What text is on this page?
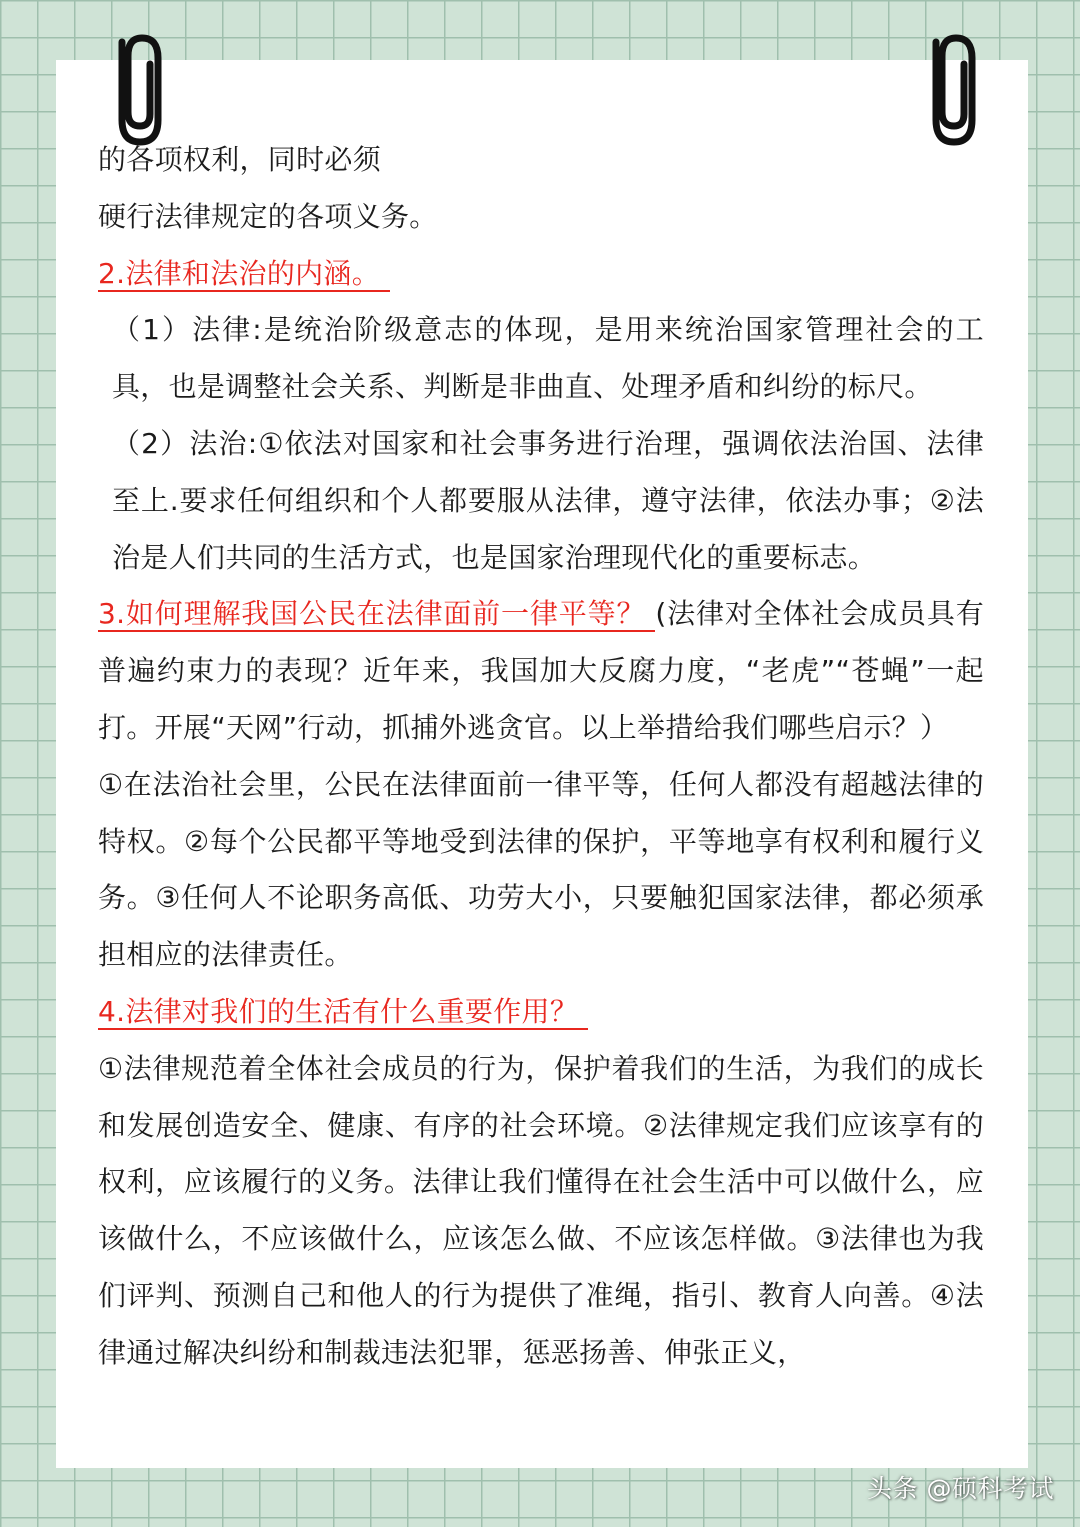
的各项权利，同时必须

硬行法律规定的各项义务。

2.法律和法治的内涵。

（1）法律:是统治阶级意志的体现，是用来统治国家管理社会的工具，也是调整社会关系、判断是非曲直、处理矛盾和纠纷的标尺。

（2）法治:①依法对国家和社会事务进行治理，强调依法治国、法律至上.要求任何组织和个人都要服从法律，遵守法律，依法办事；②法治是人们共同的生活方式，也是国家治理现代化的重要标志。

3.如何理解我国公民在法律面前一律平等？ (法律对全体社会成员具有普遍约束力的表现？近年来，我国加大反腐力度，“老虎”“苍蝇”一起打。开展“天网”行动，抓捕外逃贪官。以上举措给我们哪些启示？）

①在法治社会里，公民在法律面前一律平等，任何人都没有超越法律的特权。②每个公民都平等地受到法律的保护，平等地享有权利和履行义务。③任何人不论职务高低、功劳大小，只要触犯国家法律，都必须承担相应的法律责任。

4.法律对我们的生活有什么重要作用？

①法律规范着全体社会成员的行为，保护着我们的生活，为我们的成长和发展创造安全、健康、有序的社会环境。②法律规定我们应该享有的权利，应该履行的义务。法律让我们懂得在社会生活中可以做什么，应该做什么，不应该做什么，应该怎么做、不应该怎样做。③法律也为我们评判、预测自己和他人的行为提供了准绳，指引、教育人向善。④法律通过解决纠纷和制裁违法犯罪，惩恶扬善、伸张正义，

头条 @硕科考试
